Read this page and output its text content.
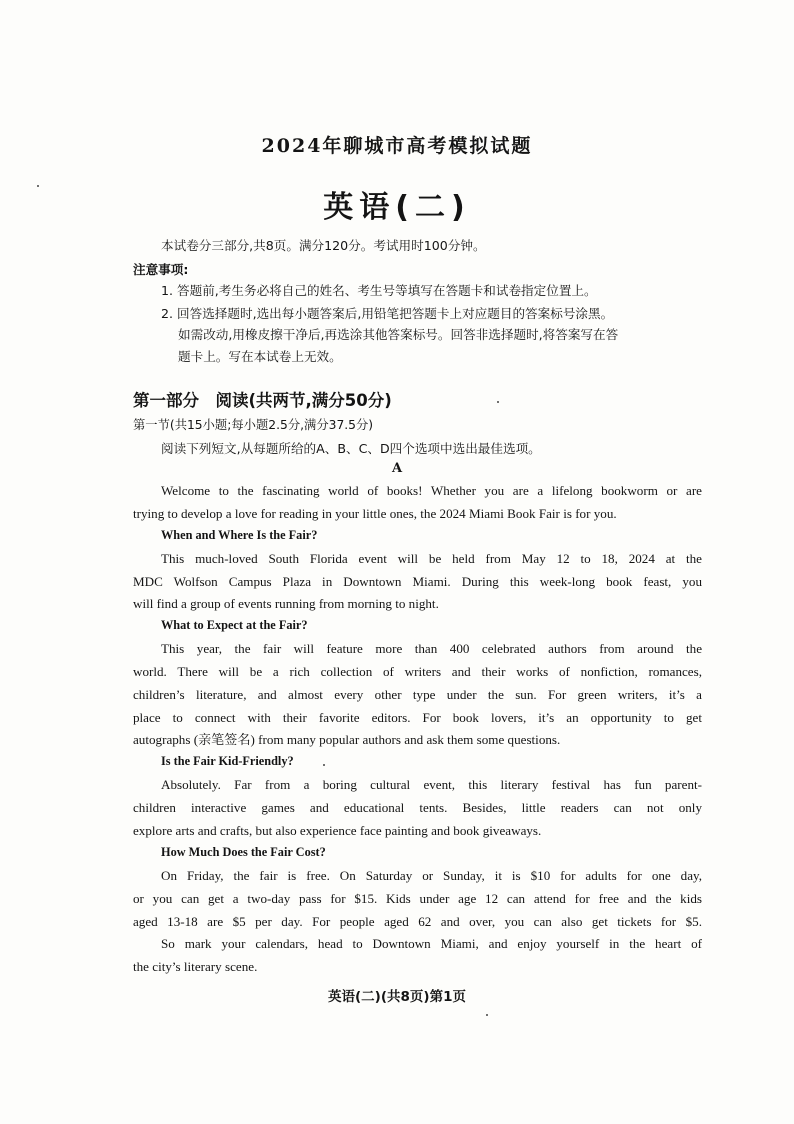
2024年聊城市高考模拟试题
英语(二)
本试卷分三部分,共8页。满分120分。考试用时100分钟。
注意事项:
1. 答题前,考生务必将自己的姓名、考生号等填写在答题卡和试卷指定位置上。
2. 回答选择题时,选出每小题答案后,用铅笔把答题卡上对应题目的答案标号涂黑。
如需改动,用橡皮擦干净后,再选涂其他答案标号。回答非选择题时,将答案写在答
题卡上。写在本试卷上无效。
第一部分　阅读(共两节,满分50分)
第一节(共15小题;每小题2.5分,满分37.5分)
阅读下列短文,从每题所给的A、B、C、D四个选项中选出最佳选项。
A
Welcome to the fascinating world of books! Whether you are a lifelong bookworm or are
trying to develop a love for reading in your little ones, the 2024 Miami Book Fair is for you.
When and Where Is the Fair?
This much-loved South Florida event will be held from May 12 to 18, 2024 at the
MDC Wolfson Campus Plaza in Downtown Miami. During this week-long book feast, you
will find a group of events running from morning to night.
What to Expect at the Fair?
This year, the fair will feature more than 400 celebrated authors from around the
world. There will be a rich collection of writers and their works of nonfiction, romances,
children’s literature, and almost every other type under the sun. For green writers, it’s a
place to connect with their favorite editors. For book lovers, it’s an opportunity to get
autographs (亲笔签名) from many popular authors and ask them some questions.
Is the Fair Kid-Friendly?
Absolutely. Far from a boring cultural event, this literary festival has fun parent-
children interactive games and educational tents. Besides, little readers can not only
explore arts and crafts, but also experience face painting and book giveaways.
How Much Does the Fair Cost?
On Friday, the fair is free. On Saturday or Sunday, it is $10 for adults for one day,
or you can get a two-day pass for $15. Kids under age 12 can attend for free and the kids
aged 13-18 are $5 per day. For people aged 62 and over, you can also get tickets for $5.
So mark your calendars, head to Downtown Miami, and enjoy yourself in the heart of
the city’s literary scene.
英语(二)(共8页)第1页
